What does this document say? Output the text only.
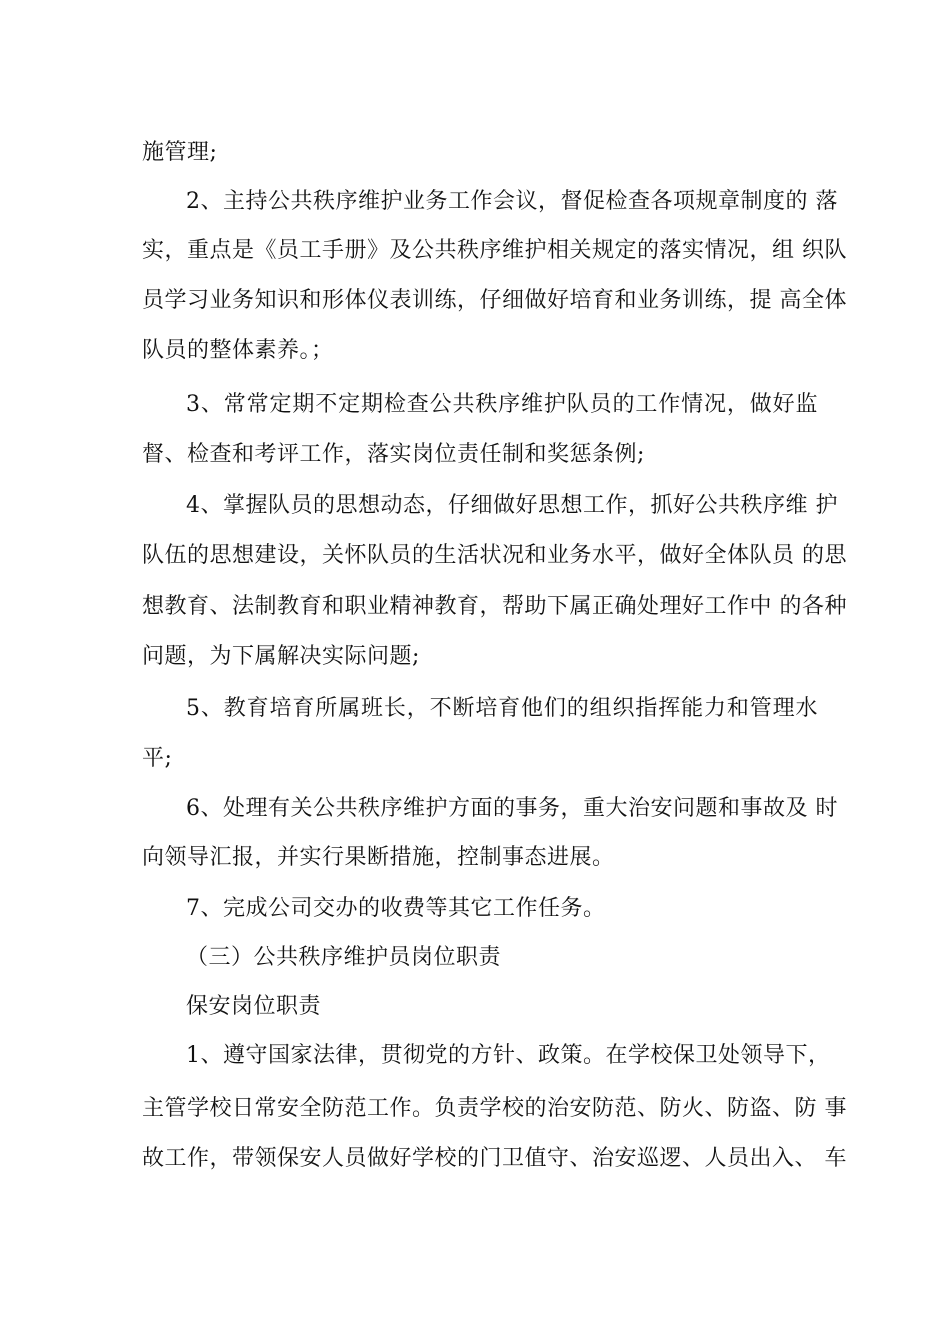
施管理;
2、主持公共秩序维护业务工作会议，督促检查各项规章制度的 落
实，重点是《员工手册》及公共秩序维护相关规定的落实情况，组 织队
员学习业务知识和形体仪表训练，仔细做好培育和业务训练，提 高全体
队员的整体素养。；
3、常常定期不定期检查公共秩序维护队员的工作情况，做好监
督、检查和考评工作，落实岗位责任制和奖惩条例;
4、掌握队员的思想动态，仔细做好思想工作，抓好公共秩序维 护
队伍的思想建设，关怀队员的生活状况和业务水平，做好全体队员 的思
想教育、法制教育和职业精神教育，帮助下属正确处理好工作中 的各种
问题，为下属解决实际问题;
5、教育培育所属班长，不断培育他们的组织指挥能力和管理水
平;
6、处理有关公共秩序维护方面的事务，重大治安问题和事故及 时
向领导汇报，并实行果断措施，控制事态进展。
7、完成公司交办的收费等其它工作任务。
（三）公共秩序维护员岗位职责
保安岗位职责
1、遵守国家法律，贯彻党的方针、政策。在学校保卫处领导下，
主管学校日常安全防范工作。负责学校的治安防范、防火、防盗、防 事
故工作，带领保安人员做好学校的门卫值守、治安巡逻、人员出入、 车
